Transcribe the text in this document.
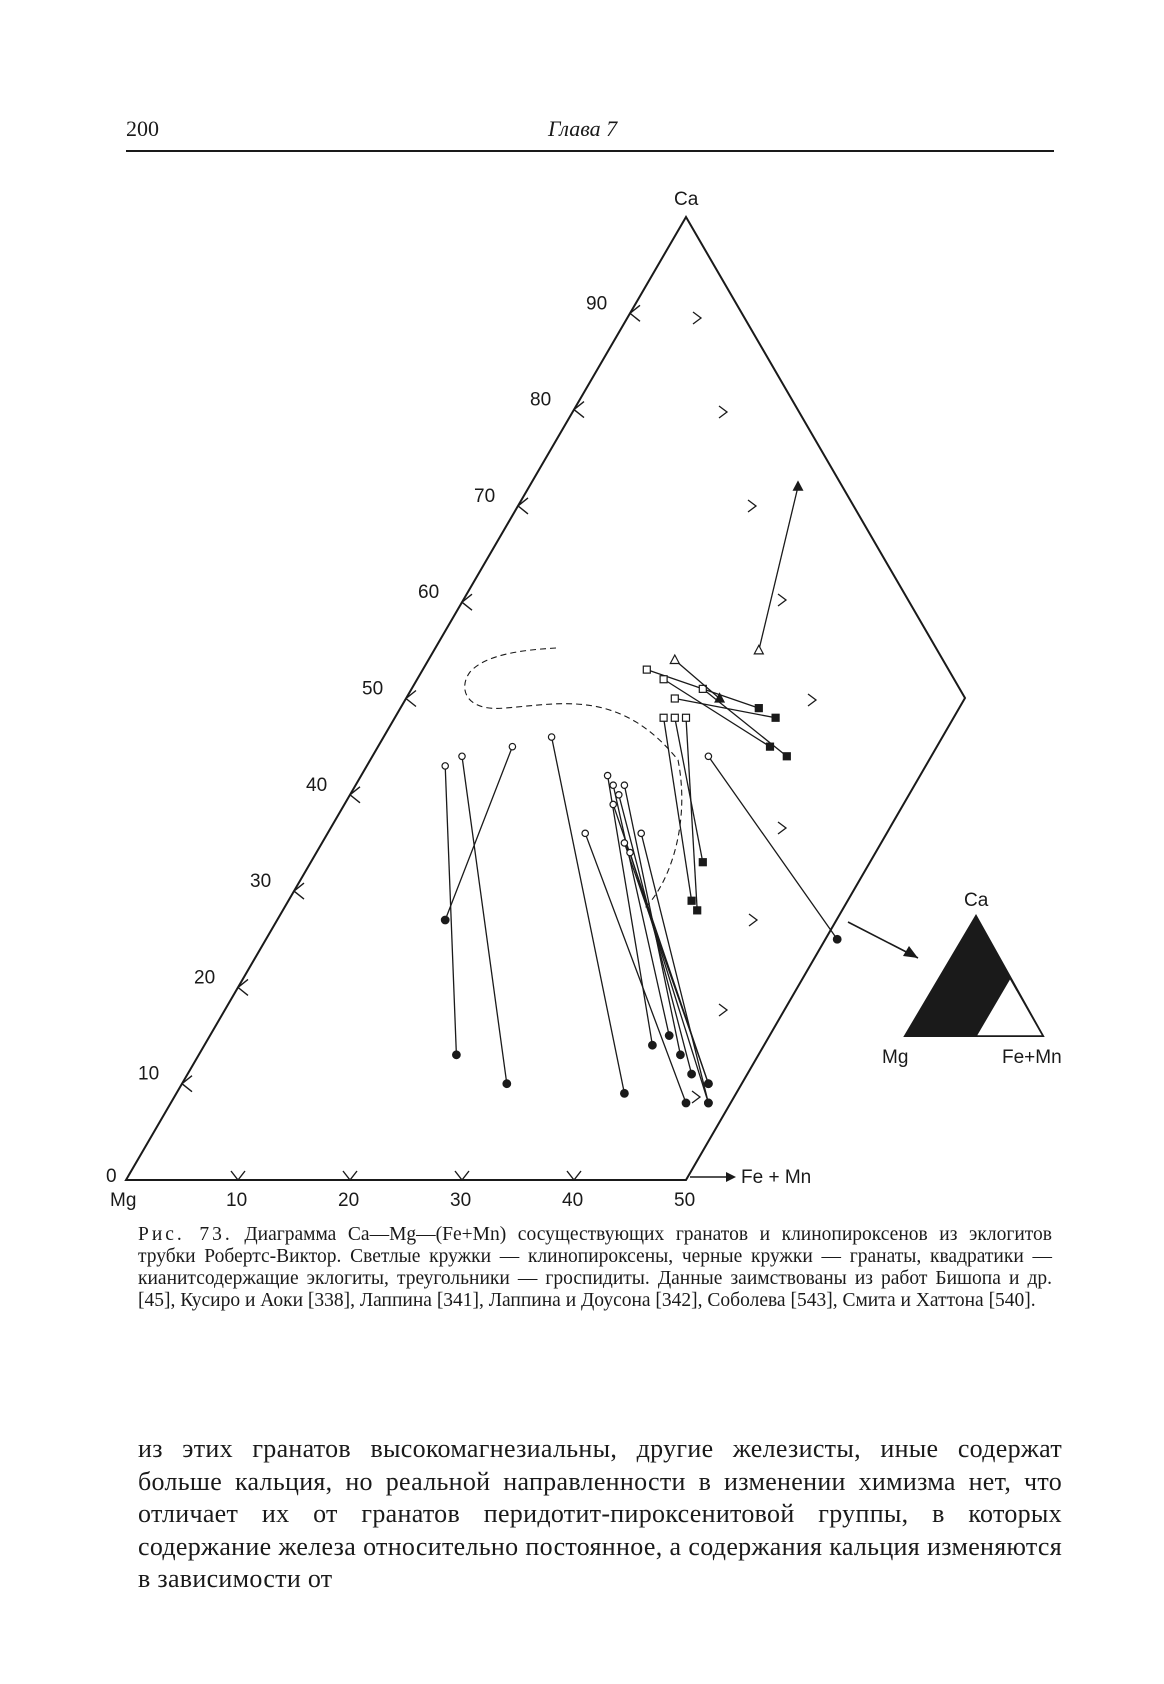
200	Глава 7
0
10
20
30
40
50
60
70
80
90
Mg	10	20	30	40	50
Ca
Fe + Mn
Ca
Mg	Fe+Mn
Рис. 73. Диаграмма Ca—Mg—(Fe+Mn) сосуществующих гранатов и клинопироксенов из эклогитов трубки Робертс-Виктор. Светлые кружки — клинопироксены, черные кружки — гранаты, квадратики — кианитсодержащие эклогиты, треугольники — гроспидиты. Данные заимствованы из работ Бишопа и др. [45], Кусиро и Аоки [338], Лаппина [341], Лаппина и Доусона [342], Соболева [543], Смита и Хаттона [540].
из этих гранатов высокомагнезиальны, другие железисты, иные содержат больше кальция, но реальной направленности в изменении химизма нет, что отличает их от гранатов перидотит-пироксенитовой группы, в которых содержание железа относительно постоянное, а содержания кальция изменяются в зависимости от
